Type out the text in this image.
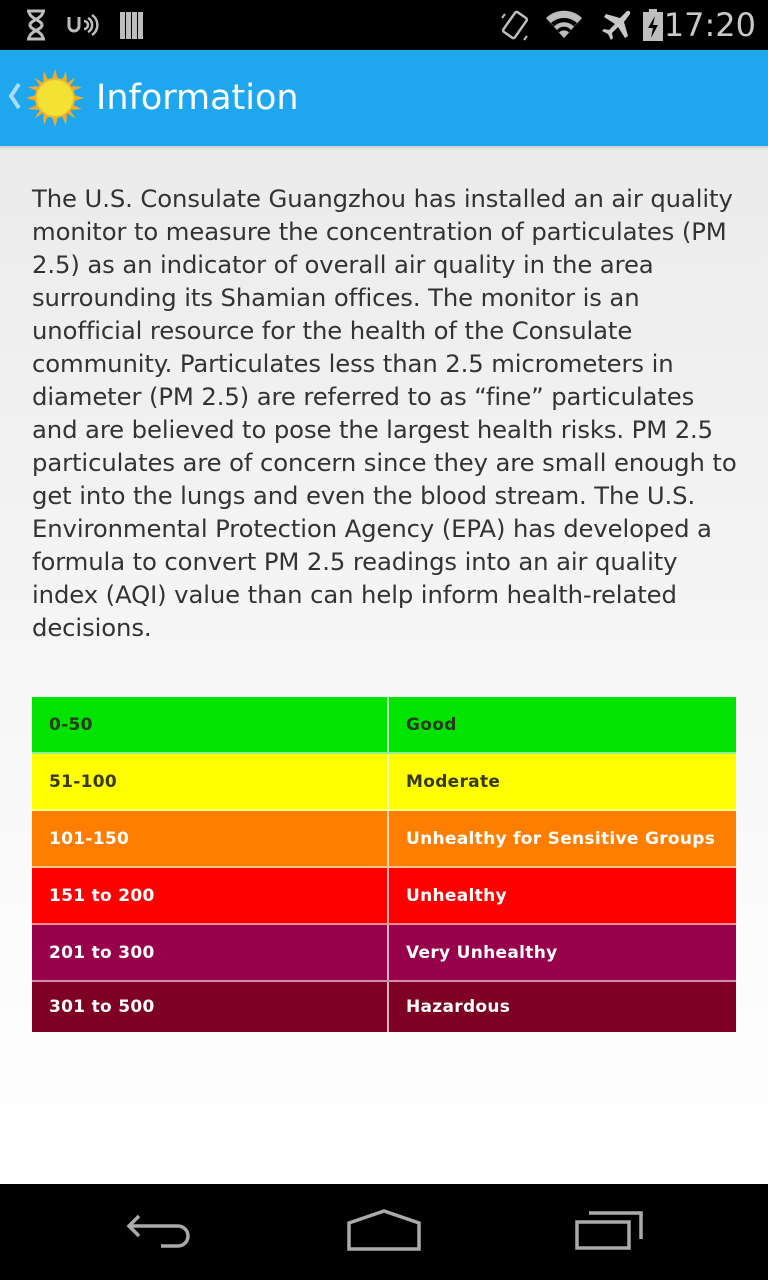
17:20
Information

The U.S. Consulate Guangzhou has installed an air quality monitor to measure the concentration of particulates (PM 2.5) as an indicator of overall air quality in the area surrounding its Shamian offices. The monitor is an unofficial resource for the health of the Consulate community. Particulates less than 2.5 micrometers in diameter (PM 2.5) are referred to as “fine” particulates and are believed to pose the largest health risks. PM 2.5 particulates are of concern since they are small enough to get into the lungs and even the blood stream. The U.S. Environmental Protection Agency (EPA) has developed a formula to convert PM 2.5 readings into an air quality index (AQI) value than can help inform health-related decisions.

0-50	Good
51-100	Moderate
101-150	Unhealthy for Sensitive Groups
151 to 200	Unhealthy
201 to 300	Very Unhealthy
301 to 500	Hazardous
